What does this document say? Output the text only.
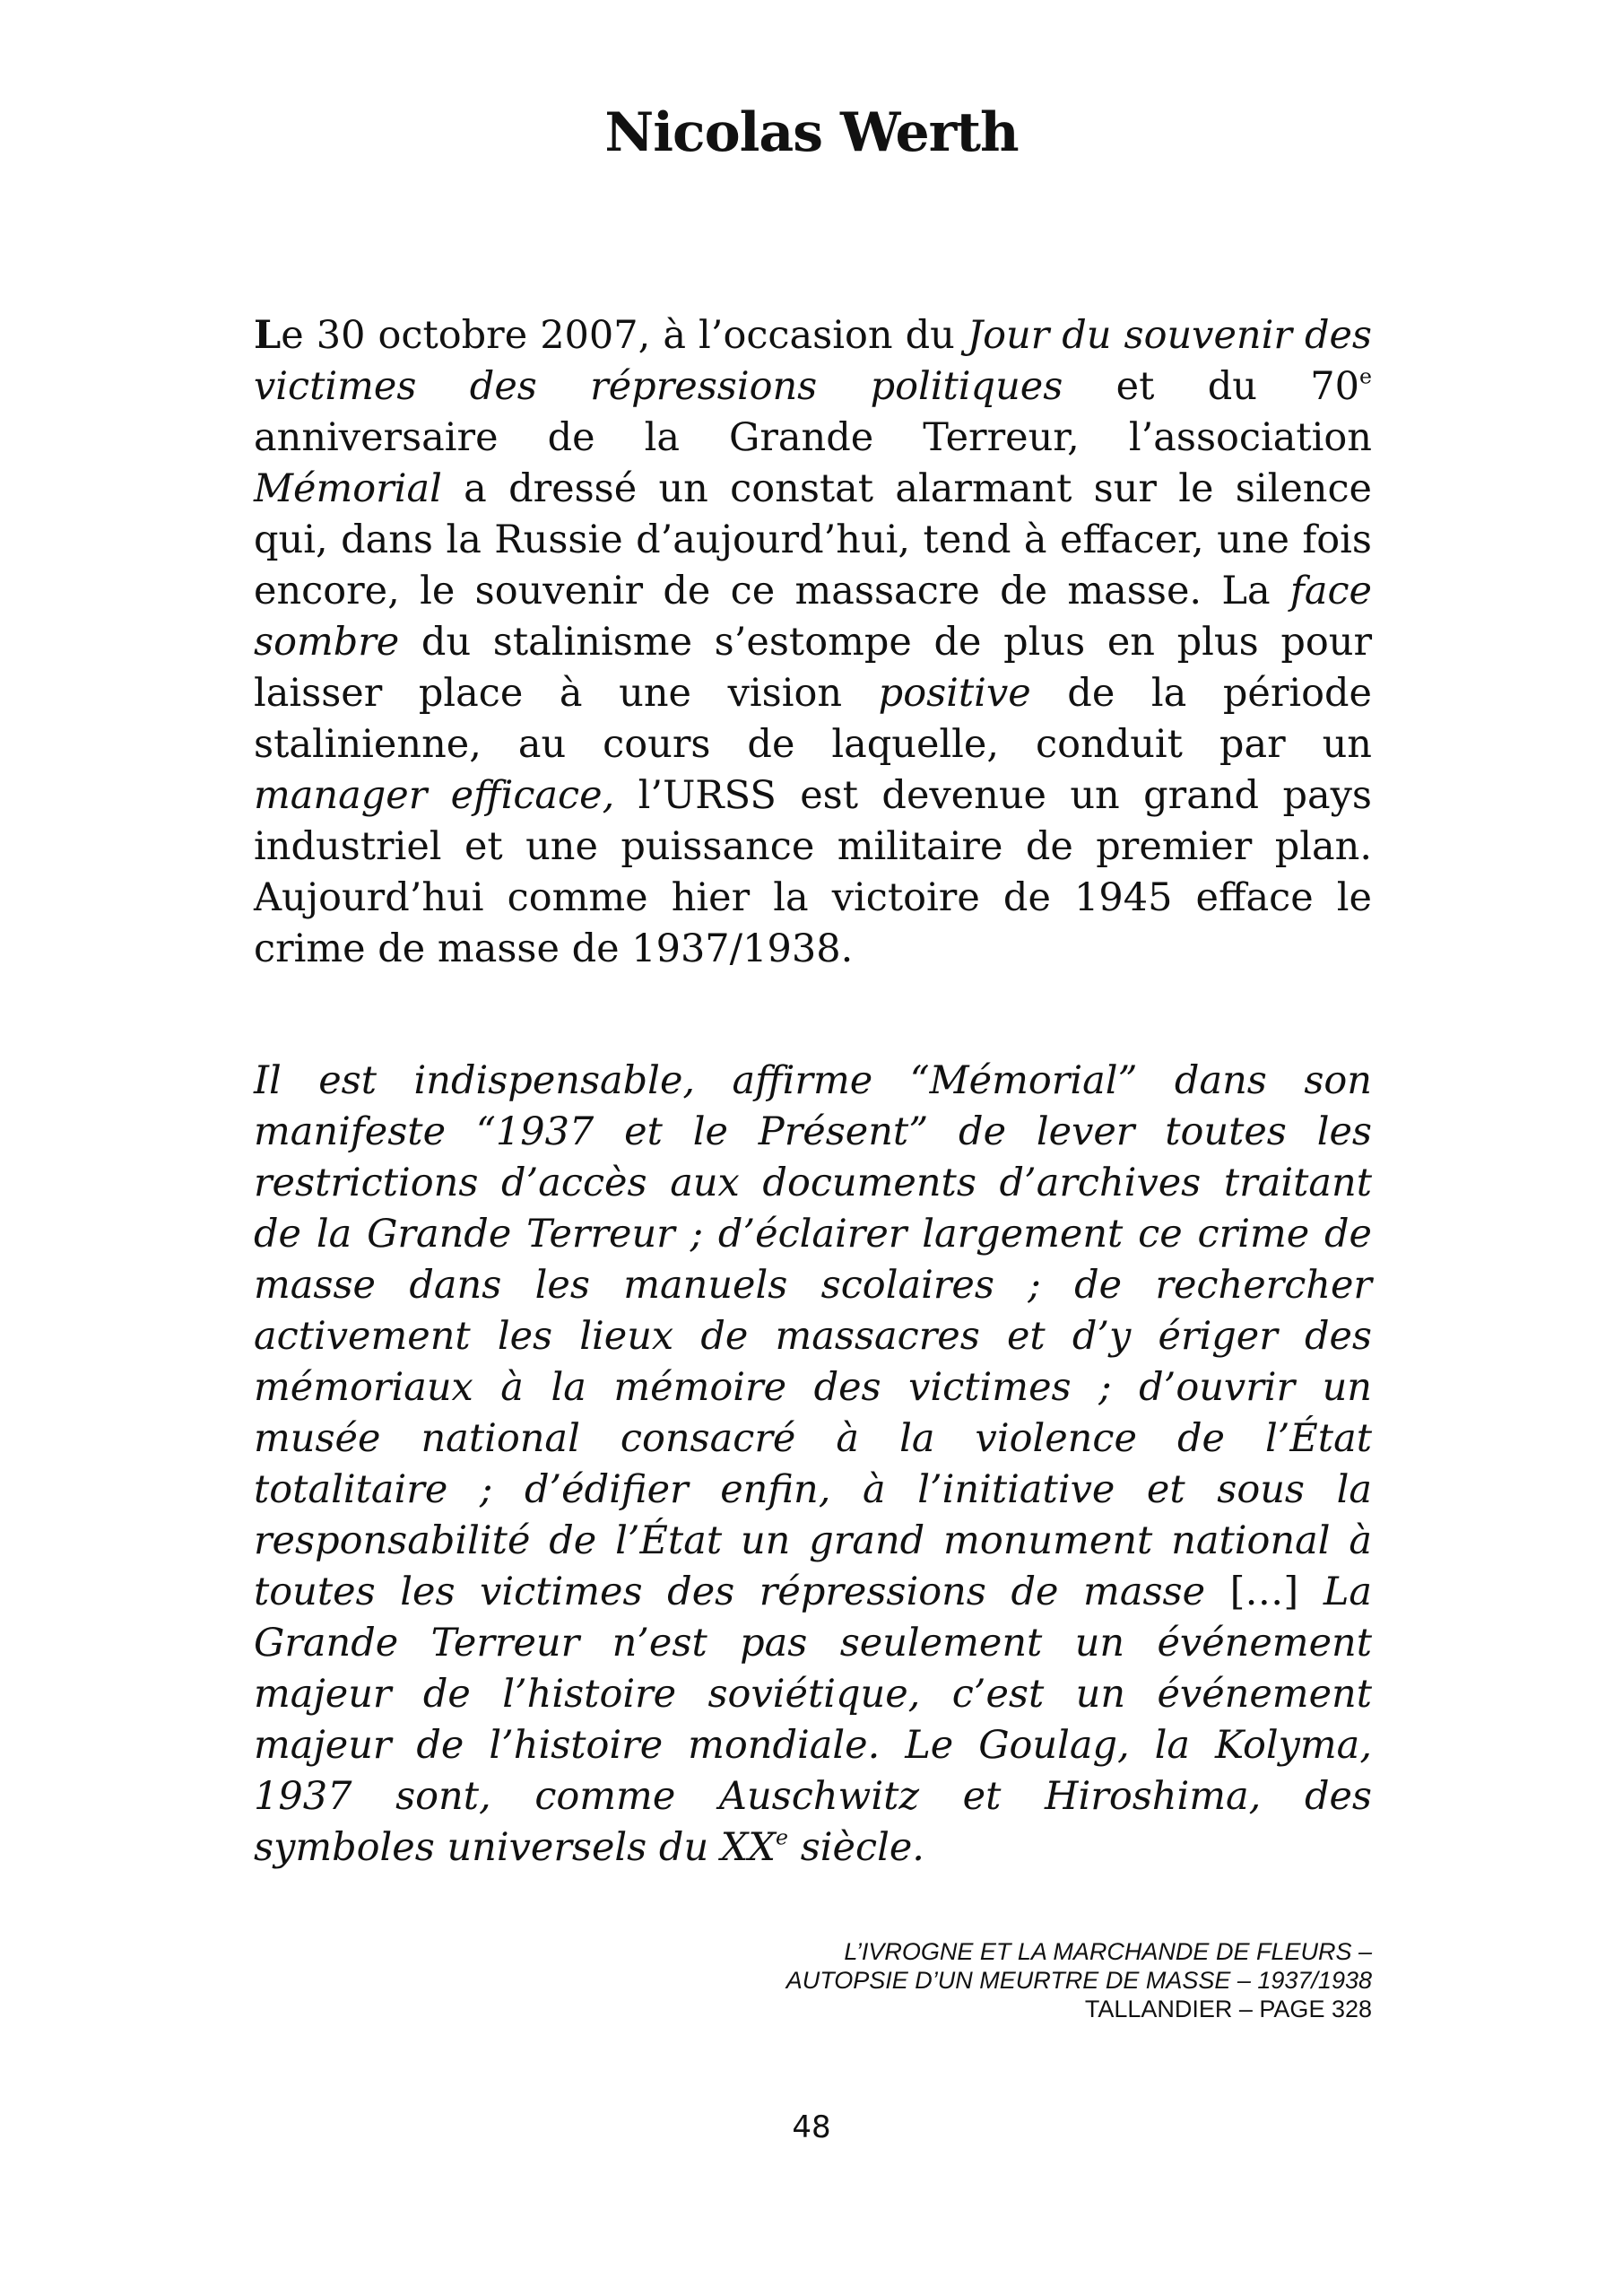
Nicolas Werth

Le 30 octobre 2007, à l’occasion du Jour du souvenir des victimes des répressions politiques et du 70e anniversaire de la Grande Terreur, l’association Mémorial a dressé un constat alarmant sur le silence qui, dans la Russie d’aujourd’hui, tend à effacer, une fois encore, le souvenir de ce massacre de masse. La face sombre du stalinisme s’estompe de plus en plus pour laisser place à une vision positive de la période stalinienne, au cours de laquelle, conduit par un manager efficace, l’URSS est devenue un grand pays industriel et une puissance militaire de premier plan. Aujourd’hui comme hier la victoire de 1945 efface le crime de masse de 1937/1938.

Il est indispensable, affirme “Mémorial” dans son manifeste “1937 et le Présent” de lever toutes les restrictions d’accès aux documents d’archives traitant de la Grande Terreur ; d’éclairer largement ce crime de masse dans les manuels scolaires ; de rechercher activement les lieux de massacres et d’y ériger des mémoriaux à la mémoire des victimes ; d’ouvrir un musée national consacré à la violence de l’État totalitaire ; d’édifier enfin, à l’initiative et sous la responsabilité de l’État un grand monument national à toutes les victimes des répressions de masse […] La Grande Terreur n’est pas seulement un événement majeur de l’histoire soviétique, c’est un événement majeur de l’histoire mondiale. Le Goulag, la Kolyma, 1937 sont, comme Auschwitz et Hiroshima, des symboles universels du XXe siècle.

L’IVROGNE ET LA MARCHANDE DE FLEURS –
AUTOPSIE D’UN MEURTRE DE MASSE – 1937/1938
TALLANDIER – PAGE 328
48
